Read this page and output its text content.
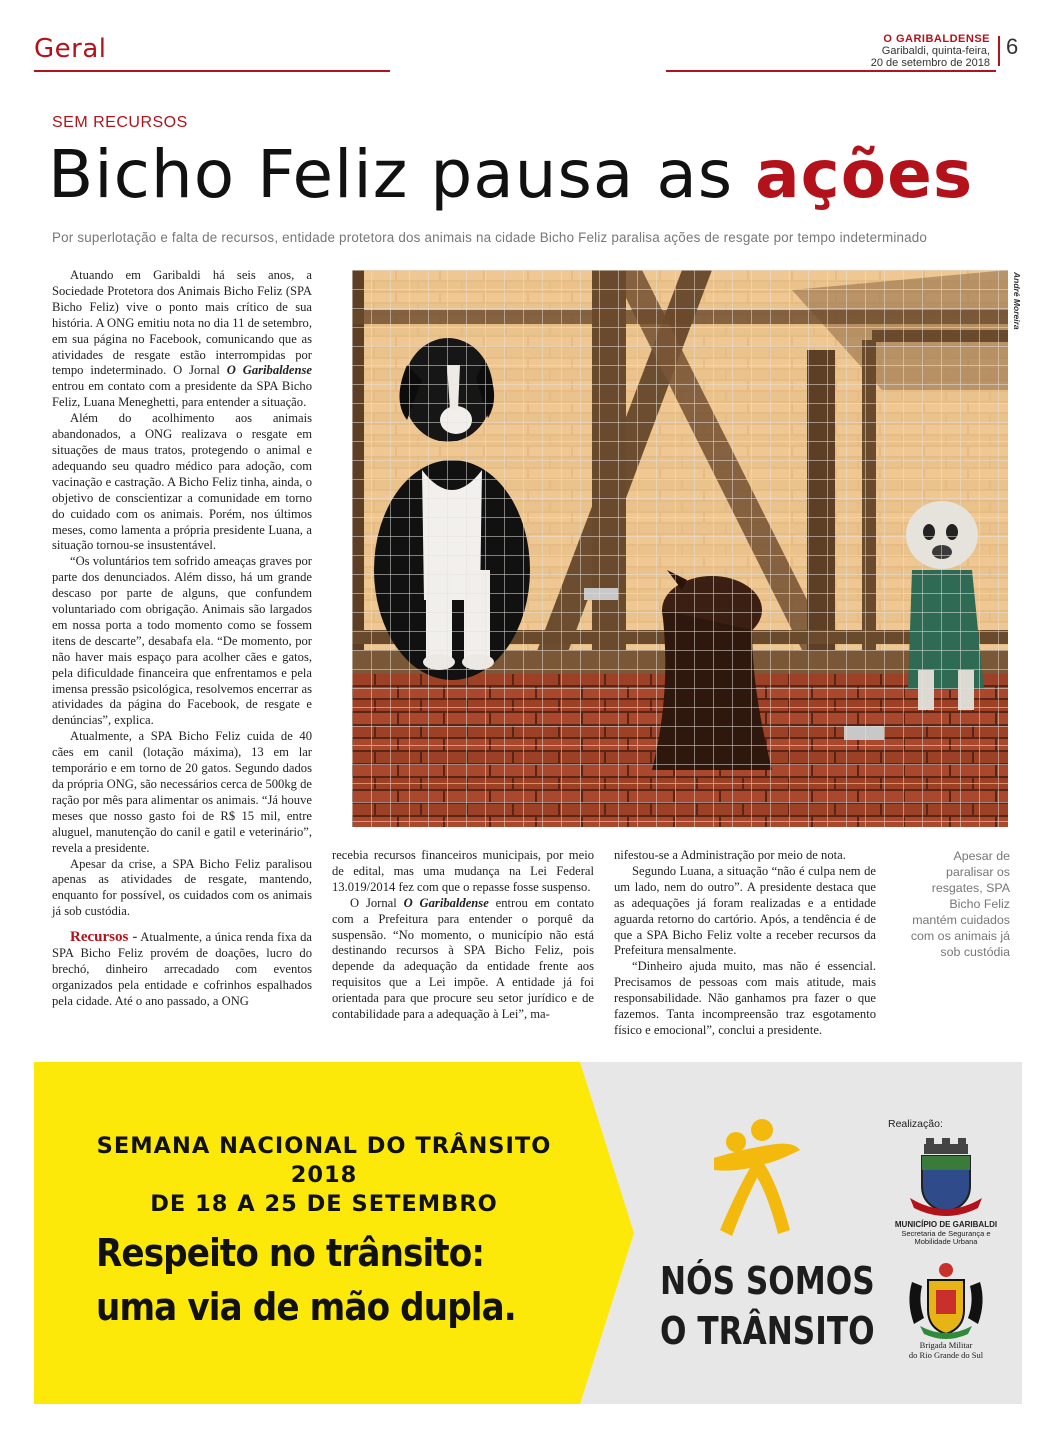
Geral	O GARIBALDENSE
Garibaldi, quinta-feira,
20 de setembro de 2018
6
SEM RECURSOS
Bicho Feliz pausa as ações
Por superlotação e falta de recursos, entidade protetora dos animais na cidade Bicho Feliz paralisa ações de resgate por tempo indeterminado

Atuando em Garibaldi há seis anos, a Sociedade Protetora dos Animais Bicho Feliz (SPA Bicho Feliz) vive o ponto mais crítico de sua história. A ONG emitiu nota no dia 11 de setembro, em sua página no Facebook, comunicando que as atividades de resgate estão interrompidas por tempo indeterminado. O Jornal O Garibaldense entrou em contato com a presidente da SPA Bicho Feliz, Luana Meneghetti, para entender a situação.

Além do acolhimento aos animais abandonados, a ONG realizava o resgate em situações de maus tratos, protegendo o animal e adequando seu quadro médico para adoção, com vacinação e castração. A Bicho Feliz tinha, ainda, o objetivo de conscientizar a comunidade em torno do cuidado com os animais. Porém, nos últimos meses, como lamenta a própria presidente Luana, a situação tornou-se insustentável.

“Os voluntários tem sofrido ameaças graves por parte dos denunciados. Além disso, há um grande descaso por parte de alguns, que confundem voluntariado com obrigação. Animais são largados em nossa porta a todo momento como se fossem itens de descarte”, desabafa ela. “De momento, por não haver mais espaço para acolher cães e gatos, pela dificuldade financeira que enfrentamos e pela imensa pressão psicológica, resolvemos encerrar as atividades da página do Facebook, de resgate e denúncias”, explica.

Atualmente, a SPA Bicho Feliz cuida de 40 cães em canil (lotação máxima), 13 em lar temporário e em torno de 20 gatos. Segundo dados da própria ONG, são necessários cerca de 500kg de ração por mês para alimentar os animais. “Já houve meses que nosso gasto foi de R$ 15 mil, entre aluguel, manutenção do canil e gatil e veterinário”, revela a presidente.

Apesar da crise, a SPA Bicho Feliz paralisou apenas as atividades de resgate, mantendo, enquanto for possível, os cuidados com os animais já sob custódia.

Recursos - Atualmente, a única renda fixa da SPA Bicho Feliz provém de doações, lucro do brechó, dinheiro arrecadado com eventos organizados pela entidade e cofrinhos espalhados pela cidade. Até o ano passado, a ONG

André Moreira

recebia recursos financeiros municipais, por meio de edital, mas uma mudança na Lei Federal 13.019/2014 fez com que o repasse fosse suspenso.

O Jornal O Garibaldense entrou em contato com a Prefeitura para entender o porquê da suspensão. “No momento, o município não está destinando recursos à SPA Bicho Feliz, pois depende da adequação da entidade frente aos requisitos que a Lei impõe. A entidade já foi orientada para que procure seu setor jurídico e de contabilidade para a adequação à Lei”, ma-

nifestou-se a Administração por meio de nota.

Segundo Luana, a situação “não é culpa nem de um lado, nem do outro”. A presidente destaca que as adequações já foram realizadas e a entidade aguarda retorno do cartório. Após, a tendência é de que a SPA Bicho Feliz volte a receber recursos da Prefeitura mensalmente.

“Dinheiro ajuda muito, mas não é essencial. Precisamos de pessoas com mais atitude, mais responsabilidade. Não ganhamos pra fazer o que fazemos. Tanta incompreensão traz esgotamento físico e emocional”, conclui a presidente.

Apesar de paralisar os resgates, SPA Bicho Feliz mantém cuidados com os animais já sob custódia
SEMANA NACIONAL DO TRÂNSITO 2018
DE 18 A 25 DE SETEMBRO
Respeito no trânsito:
uma via de mão dupla.
NÓS SOMOS
O TRÂNSITO
Realização:
MUNICÍPIO DE GARIBALDI
Secretaria de Segurança e
Mobilidade Urbana
Brigada Militar
do Rio Grande do Sul
